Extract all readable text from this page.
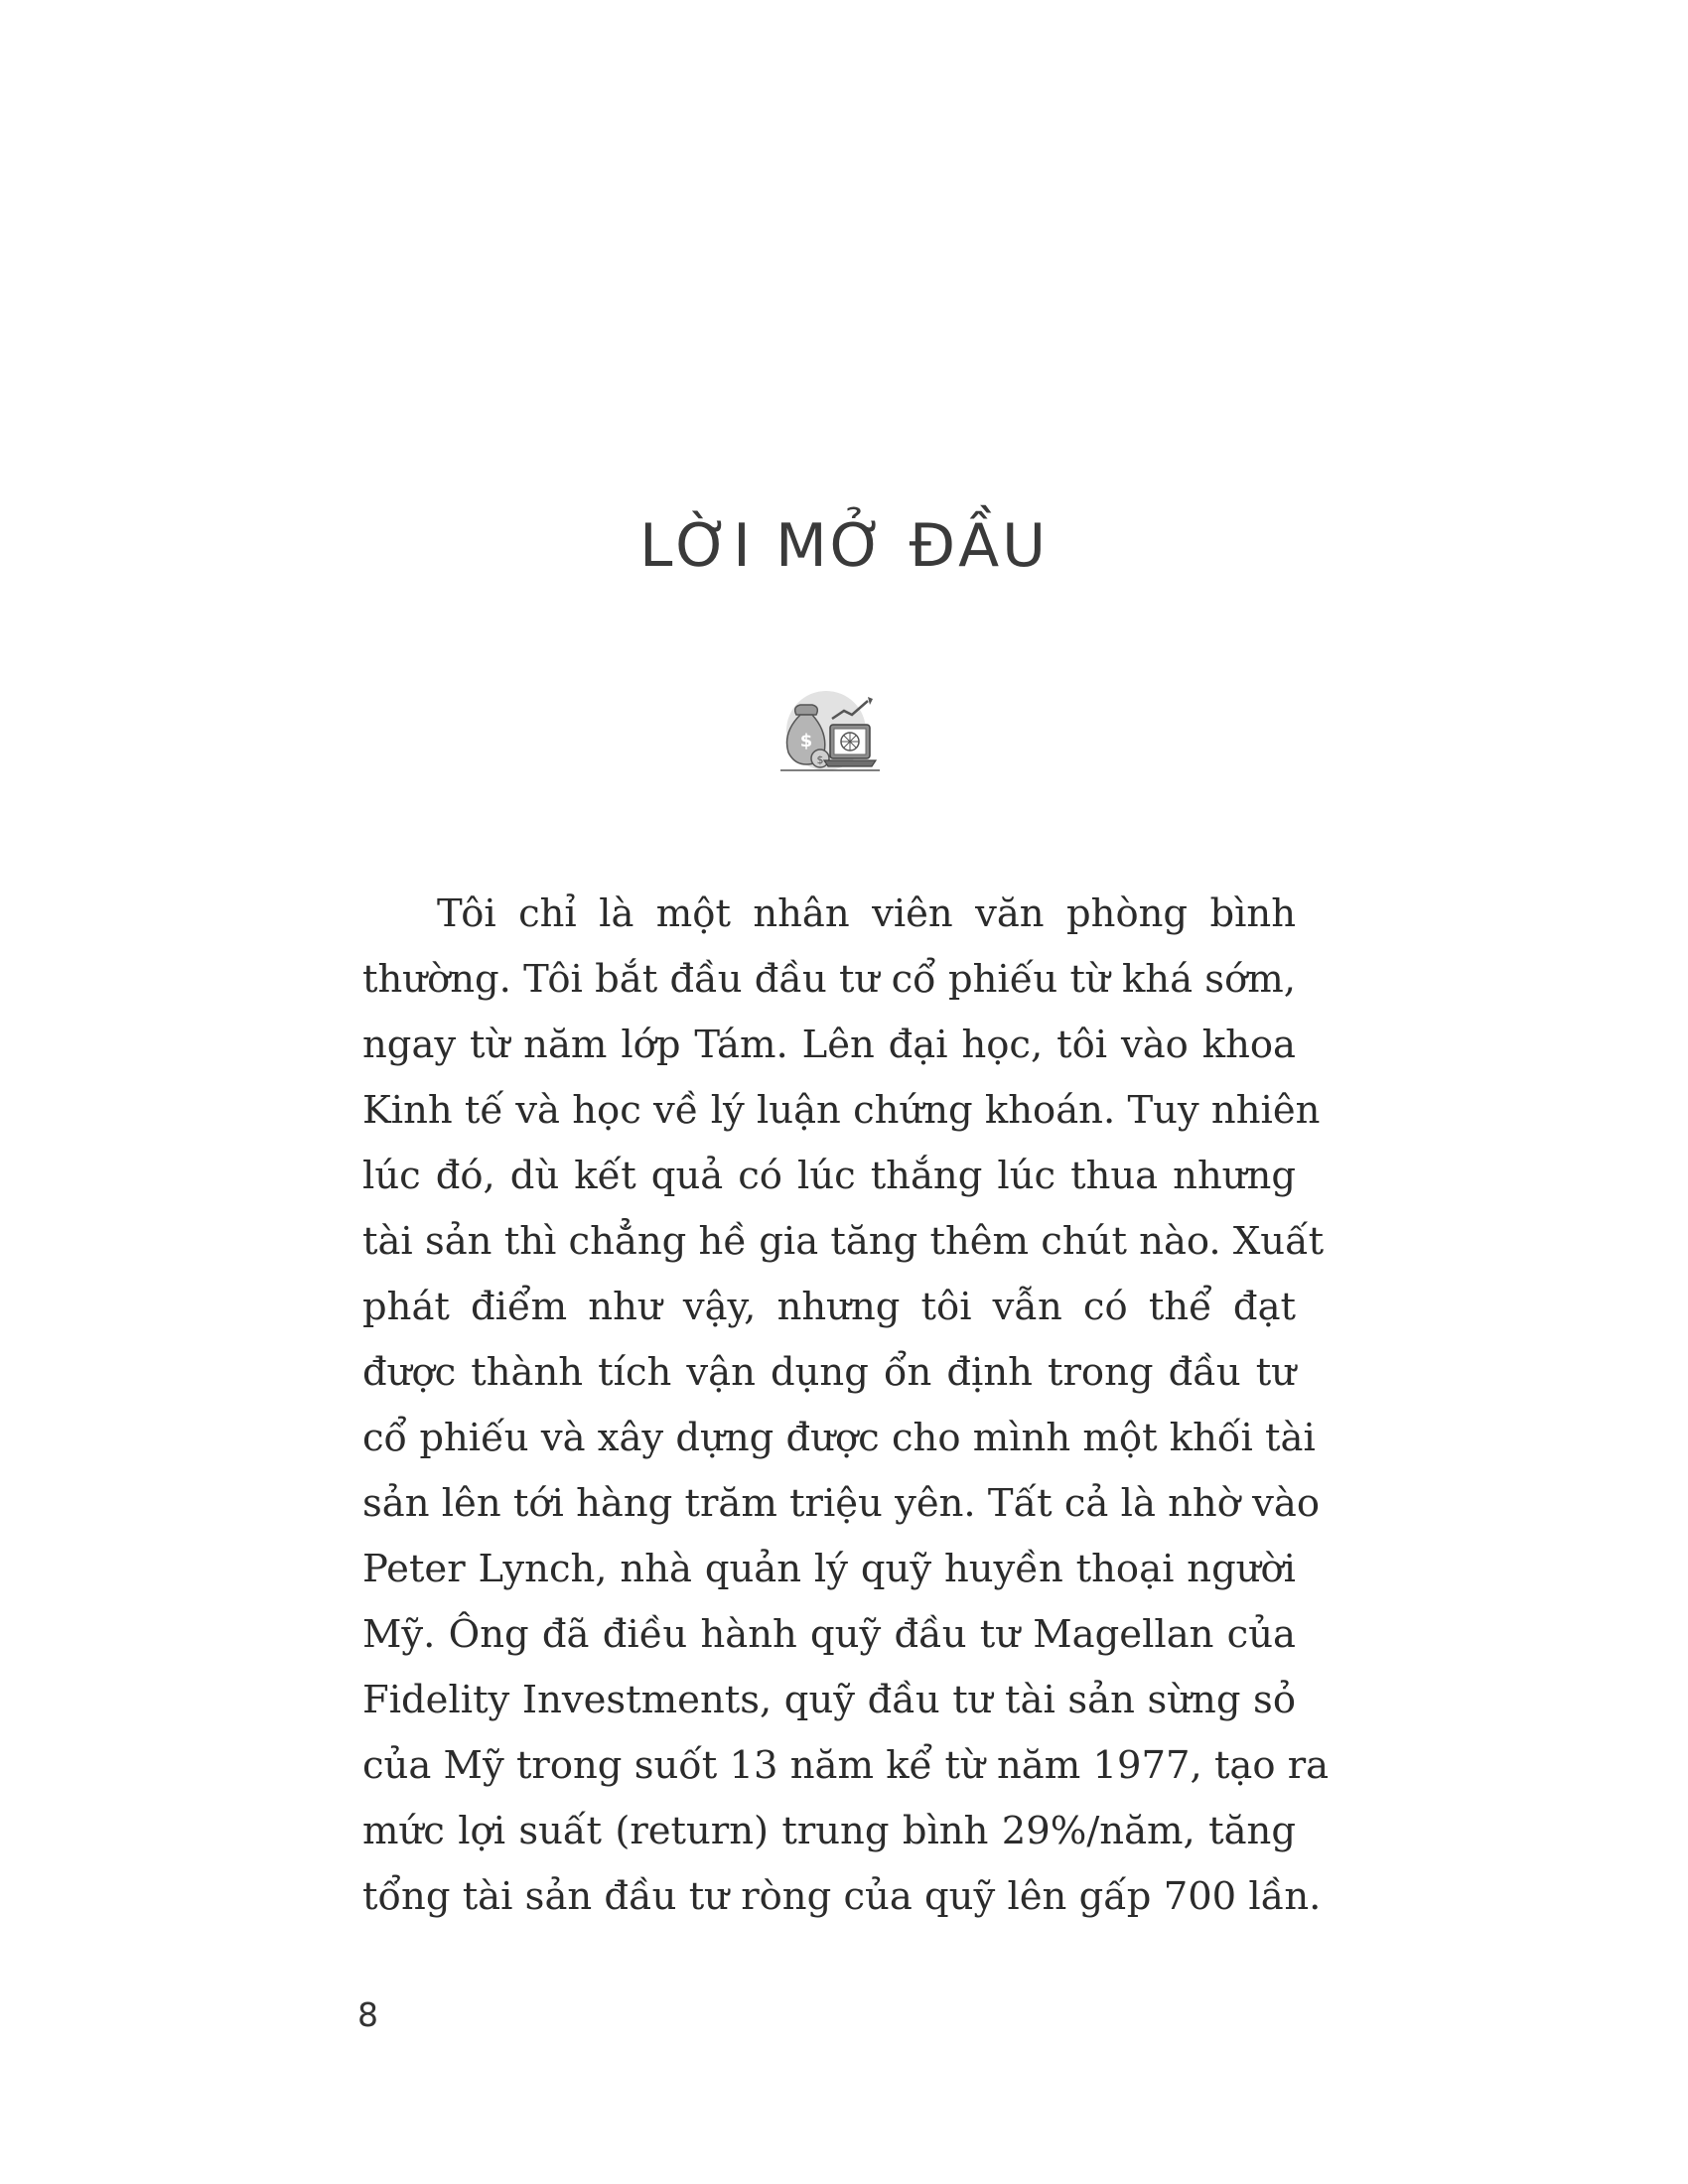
LỜI MỞ ĐẦU
$
$
Tôi chỉ là một nhân viên văn phòng bình
thường. Tôi bắt đầu đầu tư cổ phiếu từ khá sớm,
ngay từ năm lớp Tám. Lên đại học, tôi vào khoa
Kinh tế và học về lý luận chứng khoán. Tuy nhiên
lúc đó, dù kết quả có lúc thắng lúc thua nhưng
tài sản thì chẳng hề gia tăng thêm chút nào. Xuất
phát điểm như vậy, nhưng tôi vẫn có thể đạt
được thành tích vận dụng ổn định trong đầu tư
cổ phiếu và xây dựng được cho mình một khối tài
sản lên tới hàng trăm triệu yên. Tất cả là nhờ vào
Peter Lynch, nhà quản lý quỹ huyền thoại người
Mỹ. Ông đã điều hành quỹ đầu tư Magellan của
Fidelity Investments, quỹ đầu tư tài sản sừng sỏ
của Mỹ trong suốt 13 năm kể từ năm 1977, tạo ra
mức lợi suất (return) trung bình 29%/năm, tăng
tổng tài sản đầu tư ròng của quỹ lên gấp 700 lần.
8
